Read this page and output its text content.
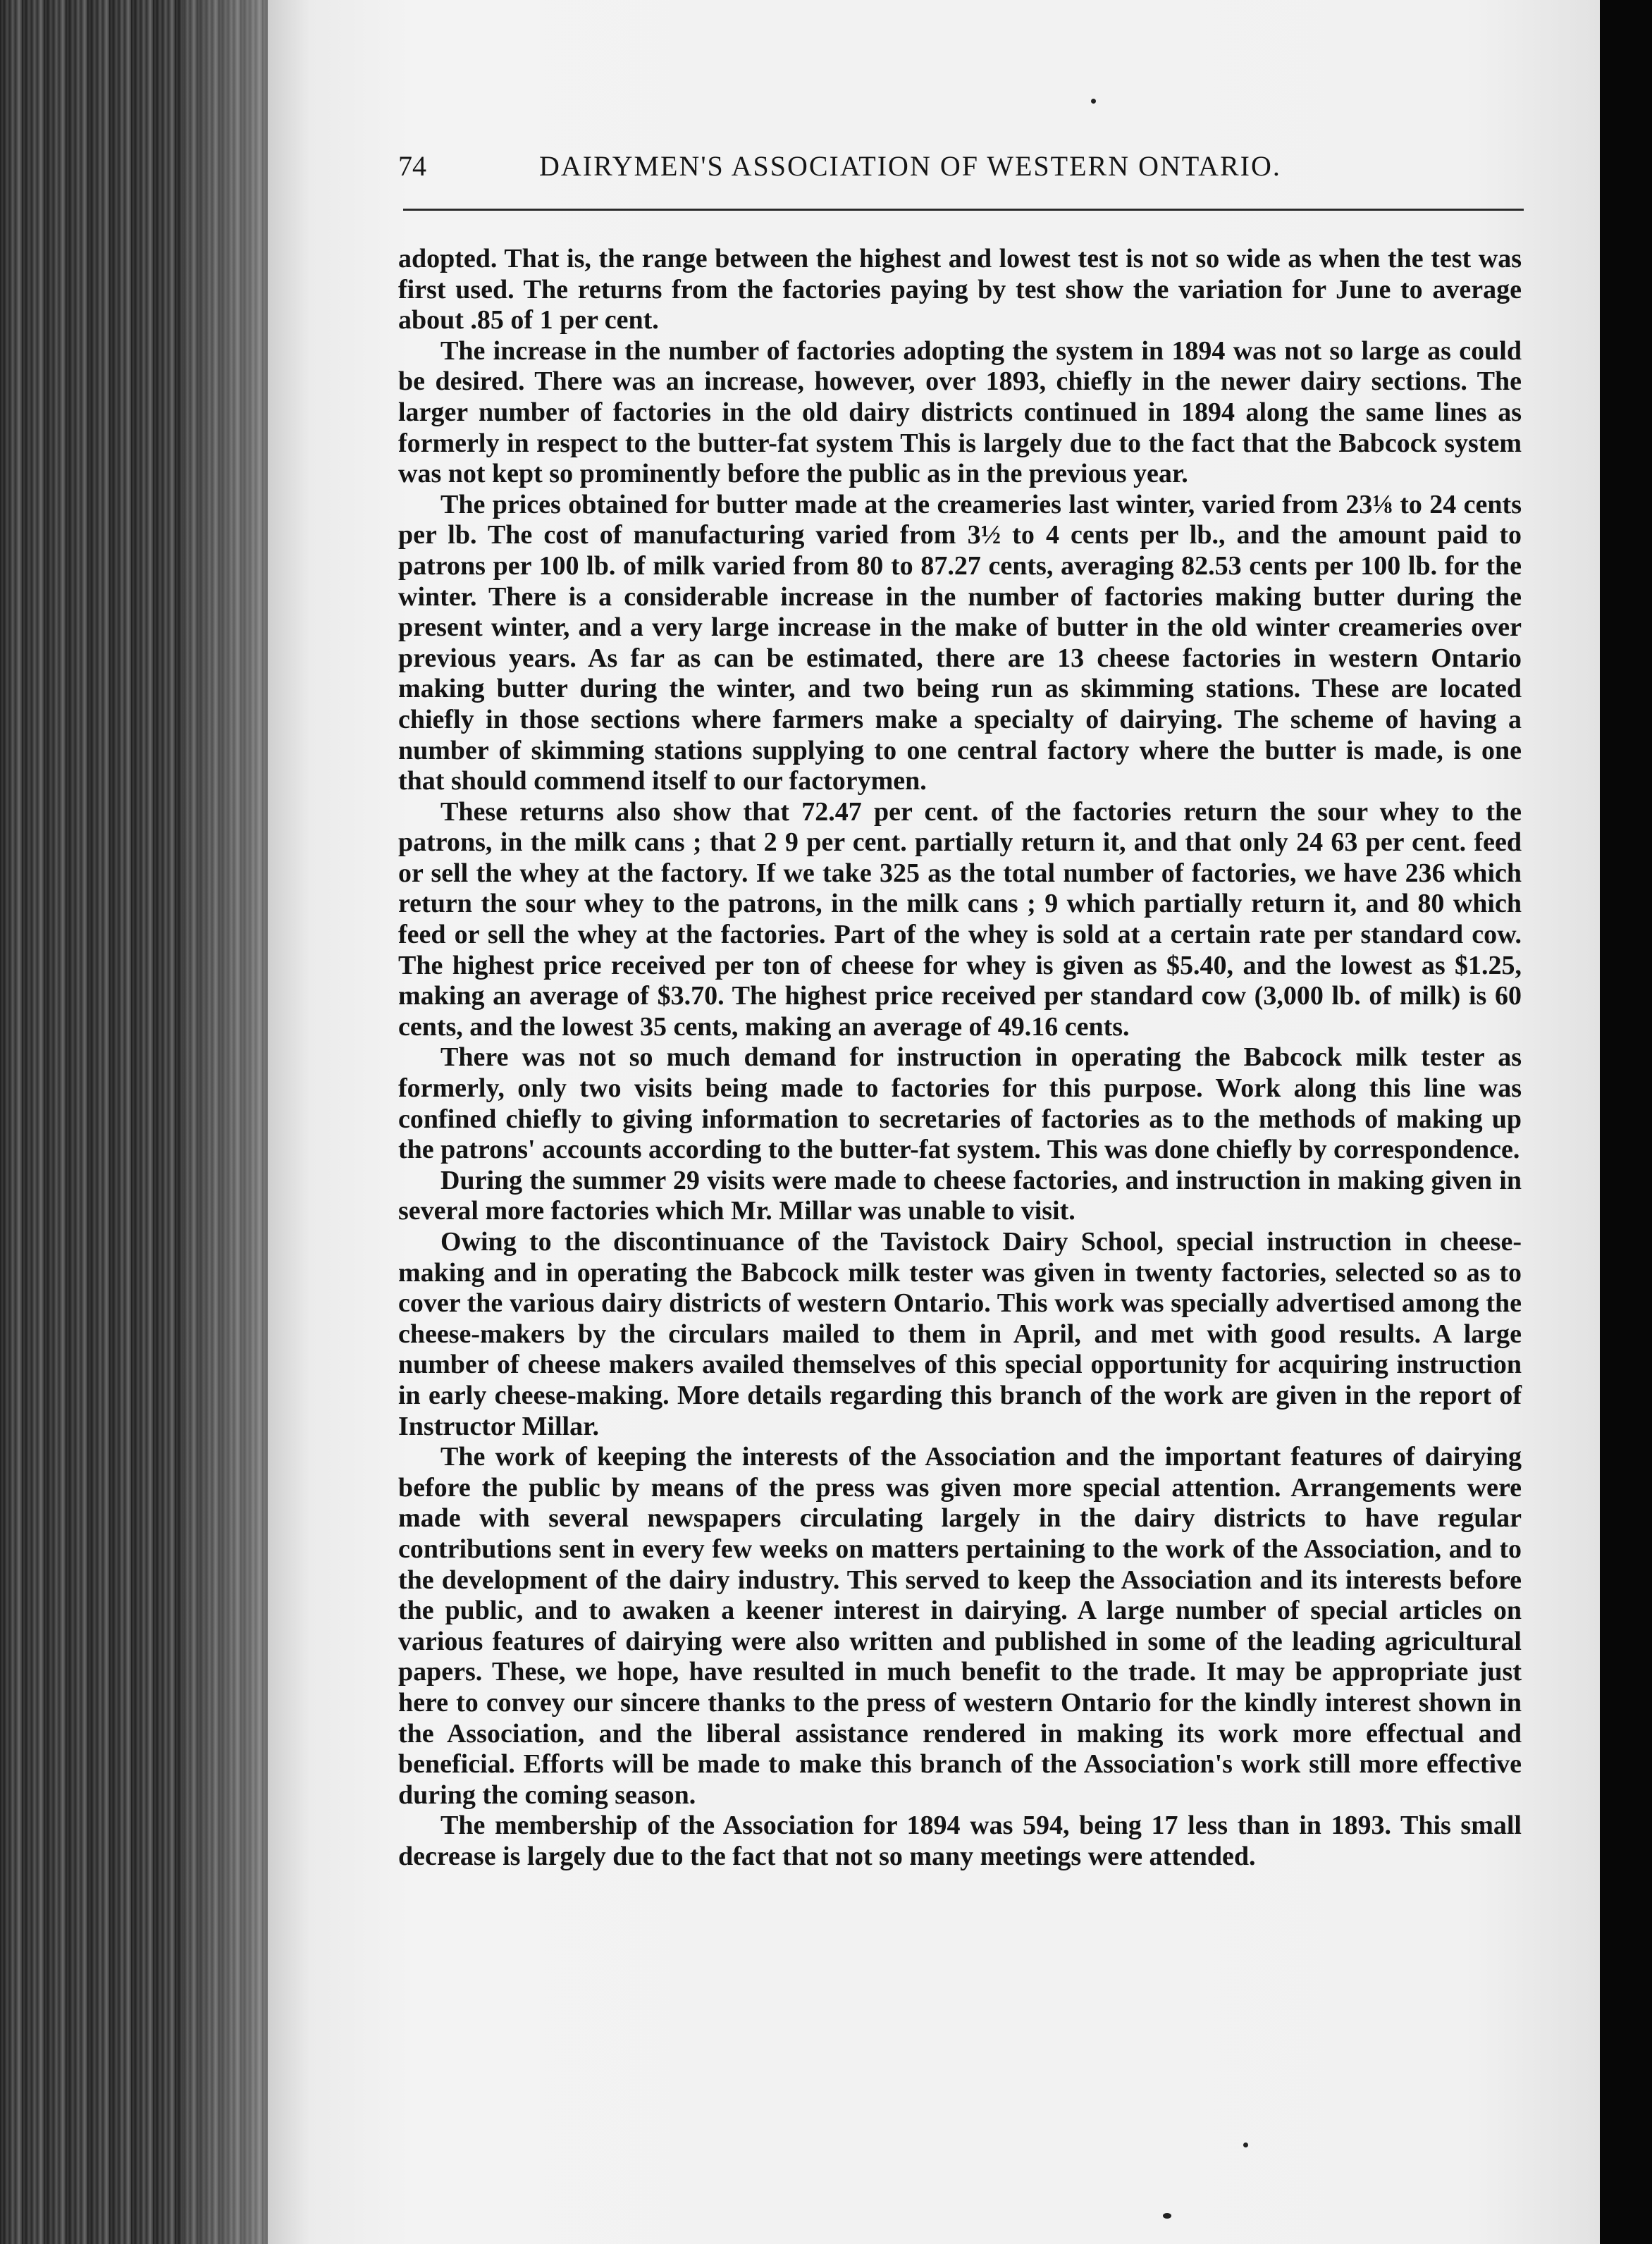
74	DAIRYMEN'S ASSOCIATION OF WESTERN ONTARIO.

adopted. That is, the range between the highest and lowest test is not so wide as when the test was first used. The returns from the factories paying by test show the variation for June to average about .85 of 1 per cent.

The increase in the number of factories adopting the system in 1894 was not so large as could be desired. There was an increase, however, over 1893, chiefly in the newer dairy sections. The larger number of factories in the old dairy districts continued in 1894 along the same lines as formerly in respect to the butter-fat system This is largely due to the fact that the Babcock system was not kept so prominently before the public as in the previous year.

The prices obtained for butter made at the creameries last winter, varied from 23⅛ to 24 cents per lb. The cost of manufacturing varied from 3½ to 4 cents per lb., and the amount paid to patrons per 100 lb. of milk varied from 80 to 87.27 cents, averaging 82.53 cents per 100 lb. for the winter. There is a considerable increase in the number of factories making butter during the present winter, and a very large increase in the make of butter in the old winter creameries over previous years. As far as can be estimated, there are 13 cheese factories in western Ontario making butter during the winter, and two being run as skimming stations. These are located chiefly in those sections where farmers make a specialty of dairying. The scheme of having a number of skimming stations supplying to one central factory where the butter is made, is one that should commend itself to our factorymen.

These returns also show that 72.47 per cent. of the factories return the sour whey to the patrons, in the milk cans ; that 2 9 per cent. partially return it, and that only 24 63 per cent. feed or sell the whey at the factory. If we take 325 as the total number of factories, we have 236 which return the sour whey to the patrons, in the milk cans ; 9 which partially return it, and 80 which feed or sell the whey at the factories. Part of the whey is sold at a certain rate per standard cow. The highest price received per ton of cheese for whey is given as $5.40, and the lowest as $1.25, making an average of $3.70. The highest price received per standard cow (3,000 lb. of milk) is 60 cents, and the lowest 35 cents, making an average of 49.16 cents.

There was not so much demand for instruction in operating the Babcock milk tester as formerly, only two visits being made to factories for this purpose. Work along this line was confined chiefly to giving information to secretaries of factories as to the methods of making up the patrons' accounts according to the butter-fat system. This was done chiefly by correspondence.

During the summer 29 visits were made to cheese factories, and instruction in making given in several more factories which Mr. Millar was unable to visit.

Owing to the discontinuance of the Tavistock Dairy School, special instruction in cheese-making and in operating the Babcock milk tester was given in twenty factories, selected so as to cover the various dairy districts of western Ontario. This work was specially advertised among the cheese-makers by the circulars mailed to them in April, and met with good results. A large number of cheese makers availed themselves of this special opportunity for acquiring instruction in early cheese-making. More details regarding this branch of the work are given in the report of Instructor Millar.

The work of keeping the interests of the Association and the important features of dairying before the public by means of the press was given more special attention. Arrangements were made with several newspapers circulating largely in the dairy districts to have regular contributions sent in every few weeks on matters pertaining to the work of the Association, and to the development of the dairy industry. This served to keep the Association and its interests before the public, and to awaken a keener interest in dairying. A large number of special articles on various features of dairying were also written and published in some of the leading agricultural papers. These, we hope, have resulted in much benefit to the trade. It may be appropriate just here to convey our sincere thanks to the press of western Ontario for the kindly interest shown in the Association, and the liberal assistance rendered in making its work more effectual and beneficial. Efforts will be made to make this branch of the Association's work still more effective during the coming season.

The membership of the Association for 1894 was 594, being 17 less than in 1893. This small decrease is largely due to the fact that not so many meetings were attended.
